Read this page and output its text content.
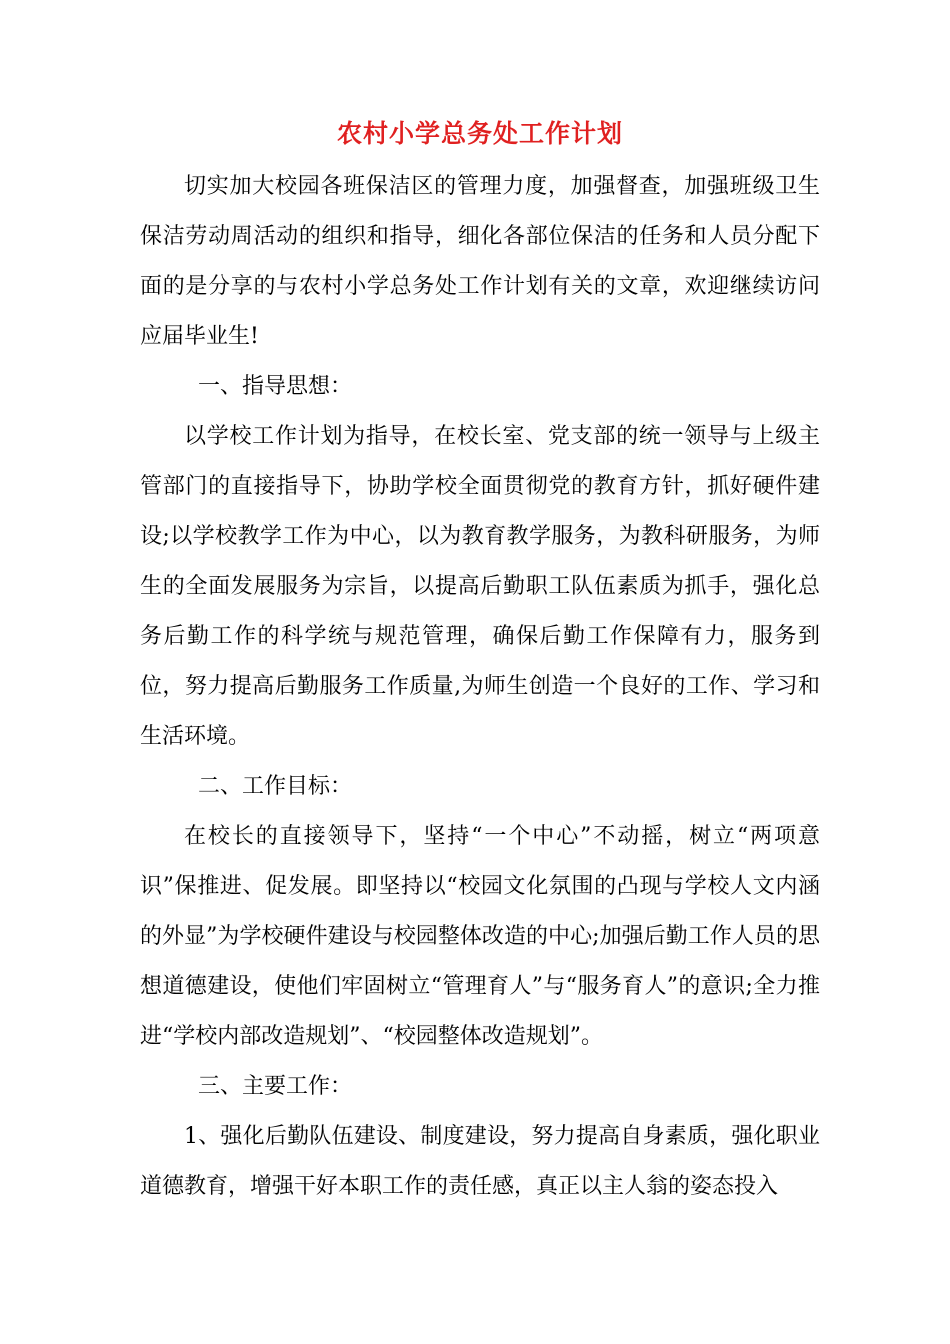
农村小学总务处工作计划

切实加大校园各班保洁区的管理力度，加强督查，加强班级卫生保洁劳动周活动的组织和指导，细化各部位保洁的任务和人员分配下面的是分享的与农村小学总务处工作计划有关的文章，欢迎继续访问应届毕业生!

一、指导思想：

以学校工作计划为指导，在校长室、党支部的统一领导与上级主管部门的直接指导下，协助学校全面贯彻党的教育方针，抓好硬件建设;以学校教学工作为中心，以为教育教学服务，为教科研服务，为师生的全面发展服务为宗旨，以提高后勤职工队伍素质为抓手，强化总务后勤工作的科学统与规范管理，确保后勤工作保障有力，服务到位，努力提高后勤服务工作质量,为师生创造一个良好的工作、学习和生活环境。

二、工作目标：

在校长的直接领导下，坚持“一个中心”不动摇，树立“两项意识”保推进、促发展。即坚持以“校园文化氛围的凸现与学校人文内涵的外显”为学校硬件建设与校园整体改造的中心;加强后勤工作人员的思想道德建设，使他们牢固树立“管理育人”与“服务育人”的意识;全力推进“学校内部改造规划”、“校园整体改造规划”。

三、主要工作：

1、强化后勤队伍建设、制度建设，努力提高自身素质，强化职业道德教育，增强干好本职工作的责任感，真正以主人翁的姿态投入
